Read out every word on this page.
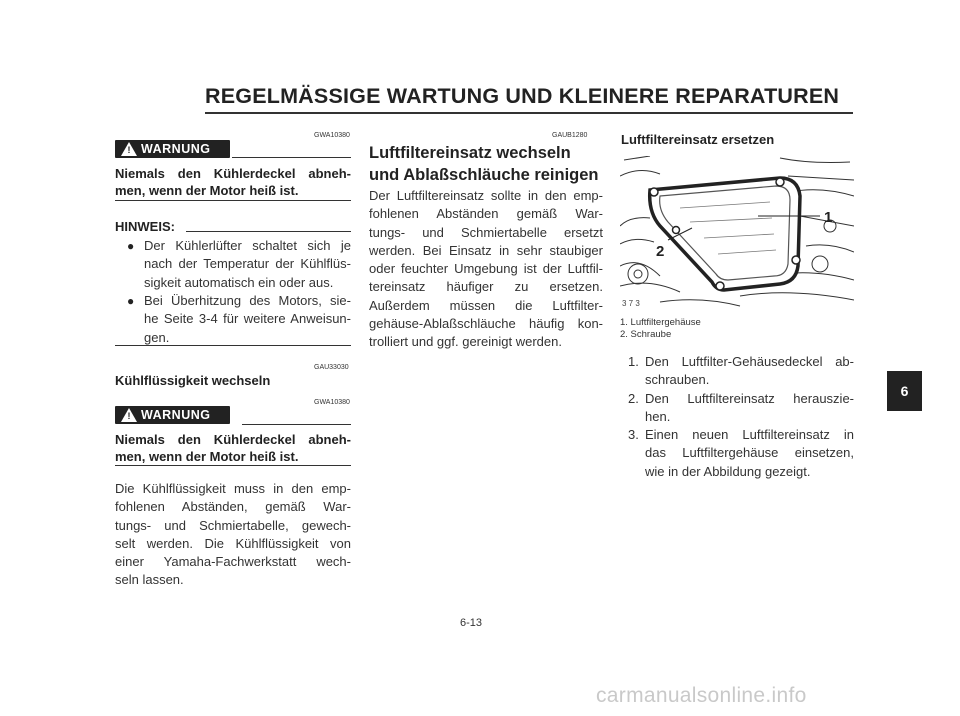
REGELMÄSSIGE WARTUNG UND KLEINERE REPARATUREN
GWA10380
! WARNUNG
Niemals den Kühlerdeckel abneh-
men, wenn der Motor heiß ist.
HINWEIS:
● Der Kühlerlüfter schaltet sich je
nach der Temperatur der Kühlflüs-
sigkeit automatisch ein oder aus.
● Bei Überhitzung des Motors, sie-
he Seite 3-4 für weitere Anweisun-
gen.
GAU33030
Kühlflüssigkeit wechseln
GWA10380
! WARNUNG
Niemals den Kühlerdeckel abneh-
men, wenn der Motor heiß ist.
Die Kühlflüssigkeit muss in den emp-
fohlenen Abständen, gemäß War-
tungs- und Schmiertabelle, gewech-
selt werden. Die Kühlflüssigkeit von
einer Yamaha-Fachwerkstatt wech-
seln lassen.
GAUB1280
Luftfiltereinsatz wechseln
und Ablaßschläuche reinigen
Der Luftfiltereinsatz sollte in den emp-
fohlenen Abständen gemäß War-
tungs- und Schmiertabelle ersetzt
werden. Bei Einsatz in sehr staubiger
oder feuchter Umgebung ist der Luftfil-
tereinsatz häufiger zu ersetzen.
Außerdem müssen die Luftfilter-
gehäuse-Ablaßschläuche häufig kon-
trolliert und ggf. gereinigt werden.
Luftfiltereinsatz ersetzen
1
2
3 7 3
1. Luftfiltergehäuse
2. Schraube
1. Den Luftfilter-Gehäusedeckel ab-
schrauben.
2. Den Luftfiltereinsatz herauszie-
hen.
3. Einen neuen Luftfiltereinsatz in
das Luftfiltergehäuse einsetzen,
wie in der Abbildung gezeigt.
6
6-13
carmanualsonline.info
